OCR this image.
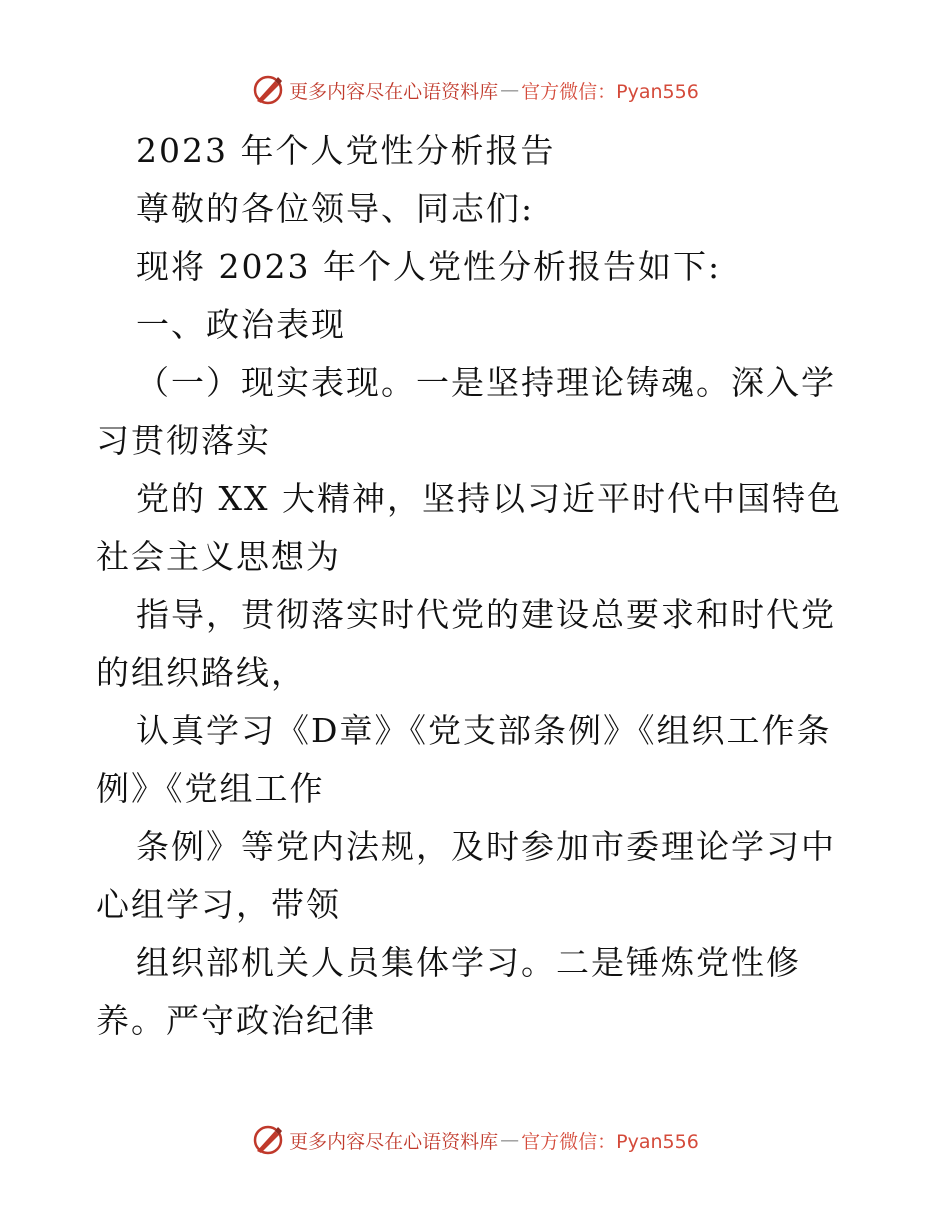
更多内容尽在心语资料库 — 官方微信：Pyan556

2023 年个人党性分析报告

尊敬的各位领导、同志们:

现将 2023 年个人党性分析报告如下:

一、政治表现

（一）现实表现。一是坚持理论铸魂。深入学习贯彻落实

党的 XX 大精神，坚持以习近平时代中国特色社会主义思想为

指导，贯彻落实时代党的建设总要求和时代党的组织路线，

认真学习《D章》《党支部条例》《组织工作条例》《党组工作

条例》等党内法规，及时参加市委理论学习中心组学习，带领

组织部机关人员集体学习。二是锤炼党性修养。严守政治纪律

更多内容尽在心语资料库 — 官方微信：Pyan556
